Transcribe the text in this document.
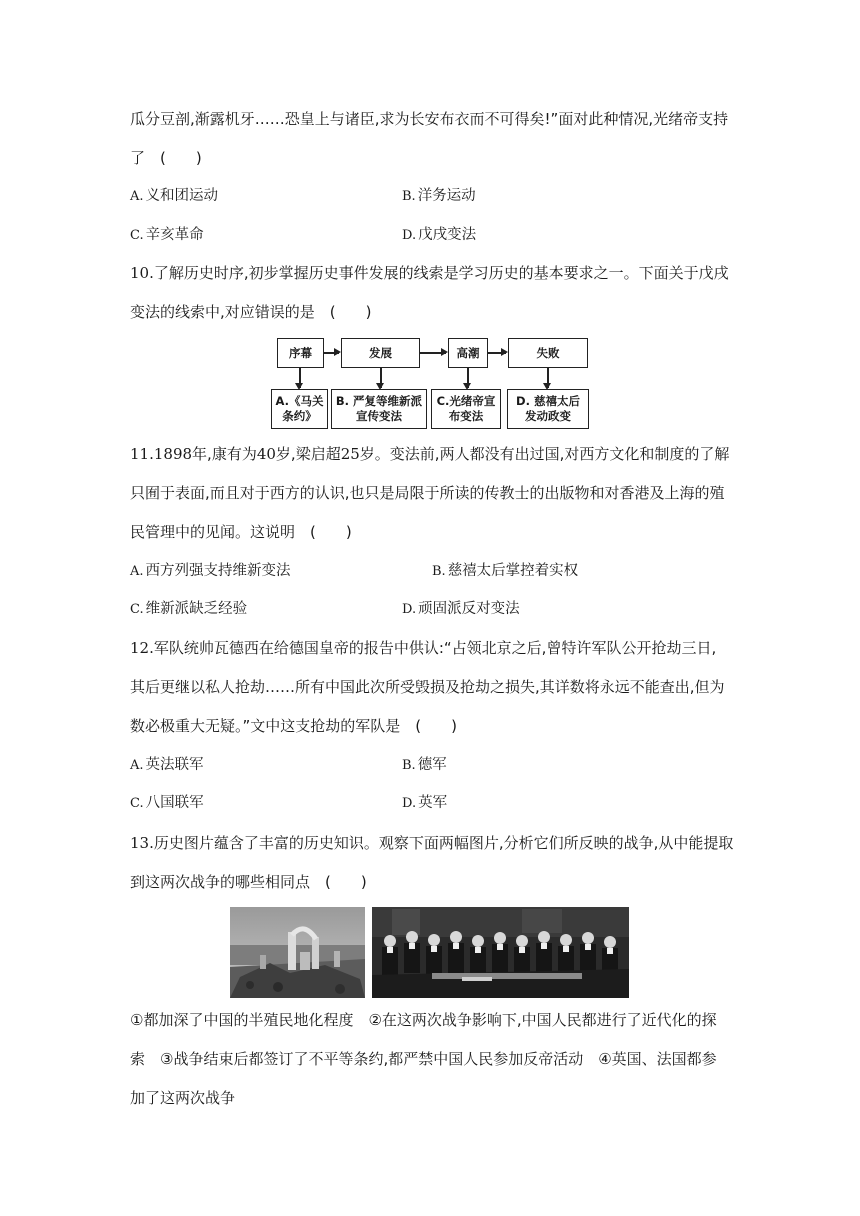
瓜分豆剖,渐露机牙……恐皇上与诸臣,求为长安布衣而不可得矣!”面对此种情况,光绪帝支持
了　(　　)
A. 义和团运动	B. 洋务运动
C. 辛亥革命	D. 戊戌变法
10.了解历史时序,初步掌握历史事件发展的线索是学习历史的基本要求之一。下面关于戊戌
变法的线索中,对应错误的是　(　　)
序幕	发展	高潮	失败
A.《马关
条约》
B. 严复等维新派
宣传变法
C.光绪帝宣
布变法
D. 慈禧太后
发动政变
11.1898年,康有为40岁,梁启超25岁。变法前,两人都没有出过国,对西方文化和制度的了解
只囿于表面,而且对于西方的认识,也只是局限于所读的传教士的出版物和对香港及上海的殖
民管理中的见闻。这说明　(　　)
A. 西方列强支持维新变法	B. 慈禧太后掌控着实权
C. 维新派缺乏经验	D. 顽固派反对变法
12.军队统帅瓦德西在给德国皇帝的报告中供认:“占领北京之后,曾特许军队公开抢劫三日,
其后更继以私人抢劫……所有中国此次所受毁损及抢劫之损失,其详数将永远不能查出,但为
数必极重大无疑。”文中这支抢劫的军队是　(　　)
A. 英法联军	B. 德军
C. 八国联军	D. 英军
13.历史图片蕴含了丰富的历史知识。观察下面两幅图片,分析它们所反映的战争,从中能提取
到这两次战争的哪些相同点　(　　)
①都加深了中国的半殖民地化程度　②在这两次战争影响下,中国人民都进行了近代化的探
索　③战争结束后都签订了不平等条约,都严禁中国人民参加反帝活动　④英国、法国都参
加了这两次战争
